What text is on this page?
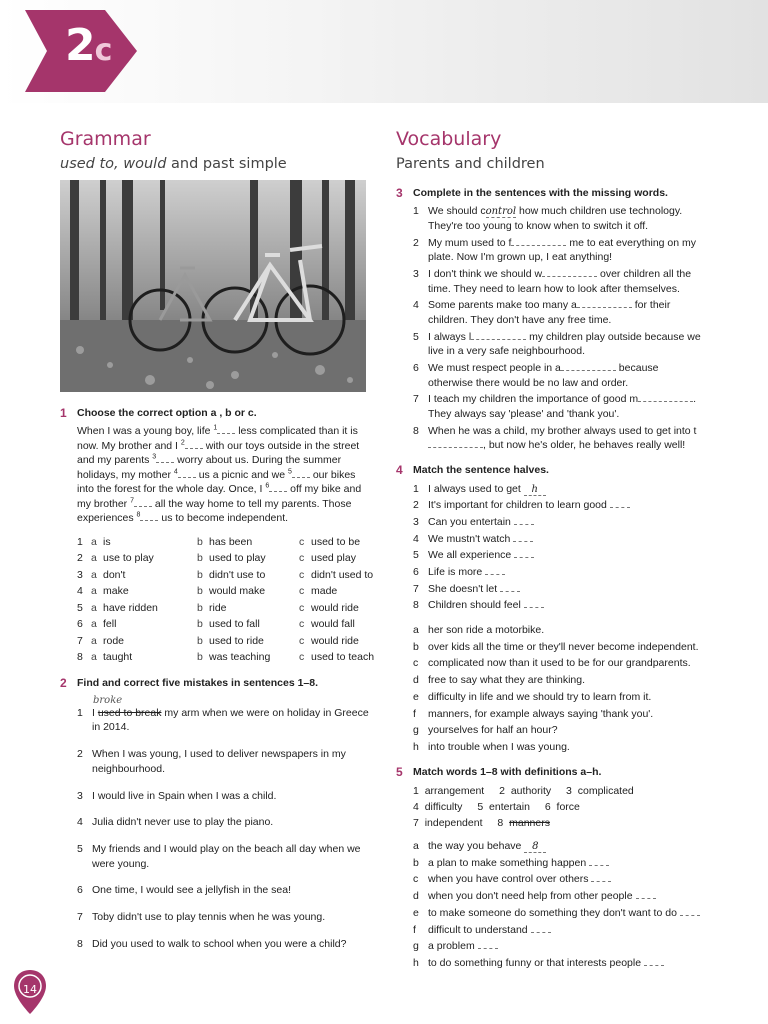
2c
Grammar
used to, would and past simple
1 Choose the correct option a , b or c.

When I was a young boy, life $^1$ less complicated than it is now. My brother and I $^2$ with our toys outside in the street and my parents $^3$ worry about us. During the summer holidays, my mother $^4$ us a picnic and we $^5$ our bikes into the forest for the whole day. Once, I $^6$ off my bike and my brother $^7$ all the way home to tell my parents. Those experiences $^8$ us to become independent.

1 a is	b has been	c used to be
2 a use to play	b used to play	c used play
3 a don't	b didn't use to	c didn't used to
4 a make	b would make	c made
5 a have ridden	b ride	c would ride
6 a fell	b used to fall	c would fall
7 a rode	b used to ride	c would ride
8 a taught	b was teaching	c used to teach
2 Find and correct five mistakes in sentences 1–8.
broke
1 I used to break my arm when we were on holiday in Greece in 2014.
2 When I was young, I used to deliver newspapers in my neighbourhood.
3 I would live in Spain when I was a child.
4 Julia didn't never use to play the piano.
5 My friends and I would play on the beach all day when we were young.
6 One time, I would see a jellyfish in the sea!
7 Toby didn't use to play tennis when he was young.
8 Did you used to walk to school when you were a child?
Vocabulary
Parents and children
3 Complete in the sentences with the missing words.
1 We should control how much children use technology. They're too young to know when to switch it off.
2 My mum used to f	me to eat everything on my plate. Now I'm grown up, I eat anything!
3 I don't think we should w	over children all the time. They need to learn how to look after themselves.
4 Some parents make too many a	for their children. They don't have any free time.
5 I always l	my children play outside because we live in a very safe neighbourhood.
6 We must respect people in a	because otherwise there would be no law and order.
7 I teach my children the importance of good m	. They always say 'please' and 'thank you'.
8 When he was a child, my brother always used to get into t, but now he's older, he behaves really well!
4 Match the sentence halves.
1 I always used to get h
2 It's important for children to learn good
3 Can you entertain
4 We mustn't watch
5 We all experience
6 Life is more
7 She doesn't let
8 Children should feel
a her son ride a motorbike.
b over kids all the time or they'll never become independent.
c complicated now than it used to be for our grandparents.
d free to say what they are thinking.
e difficulty in life and we should try to learn from it.
f manners, for example always saying 'thank you'.
g yourselves for half an hour?
h into trouble when I was young.
5 Match words 1–8 with definitions a–h.
1 arrangement 2 authority 3 complicated
4 difficulty 5 entertain 6 force
7 independent 8 manners
a the way you behave 8
b a plan to make something happen
c when you have control over others
d when you don't need help from other people
e to make someone do something they don't want to do
f difficult to understand
g a problem
h to do something funny or that interests people
14
